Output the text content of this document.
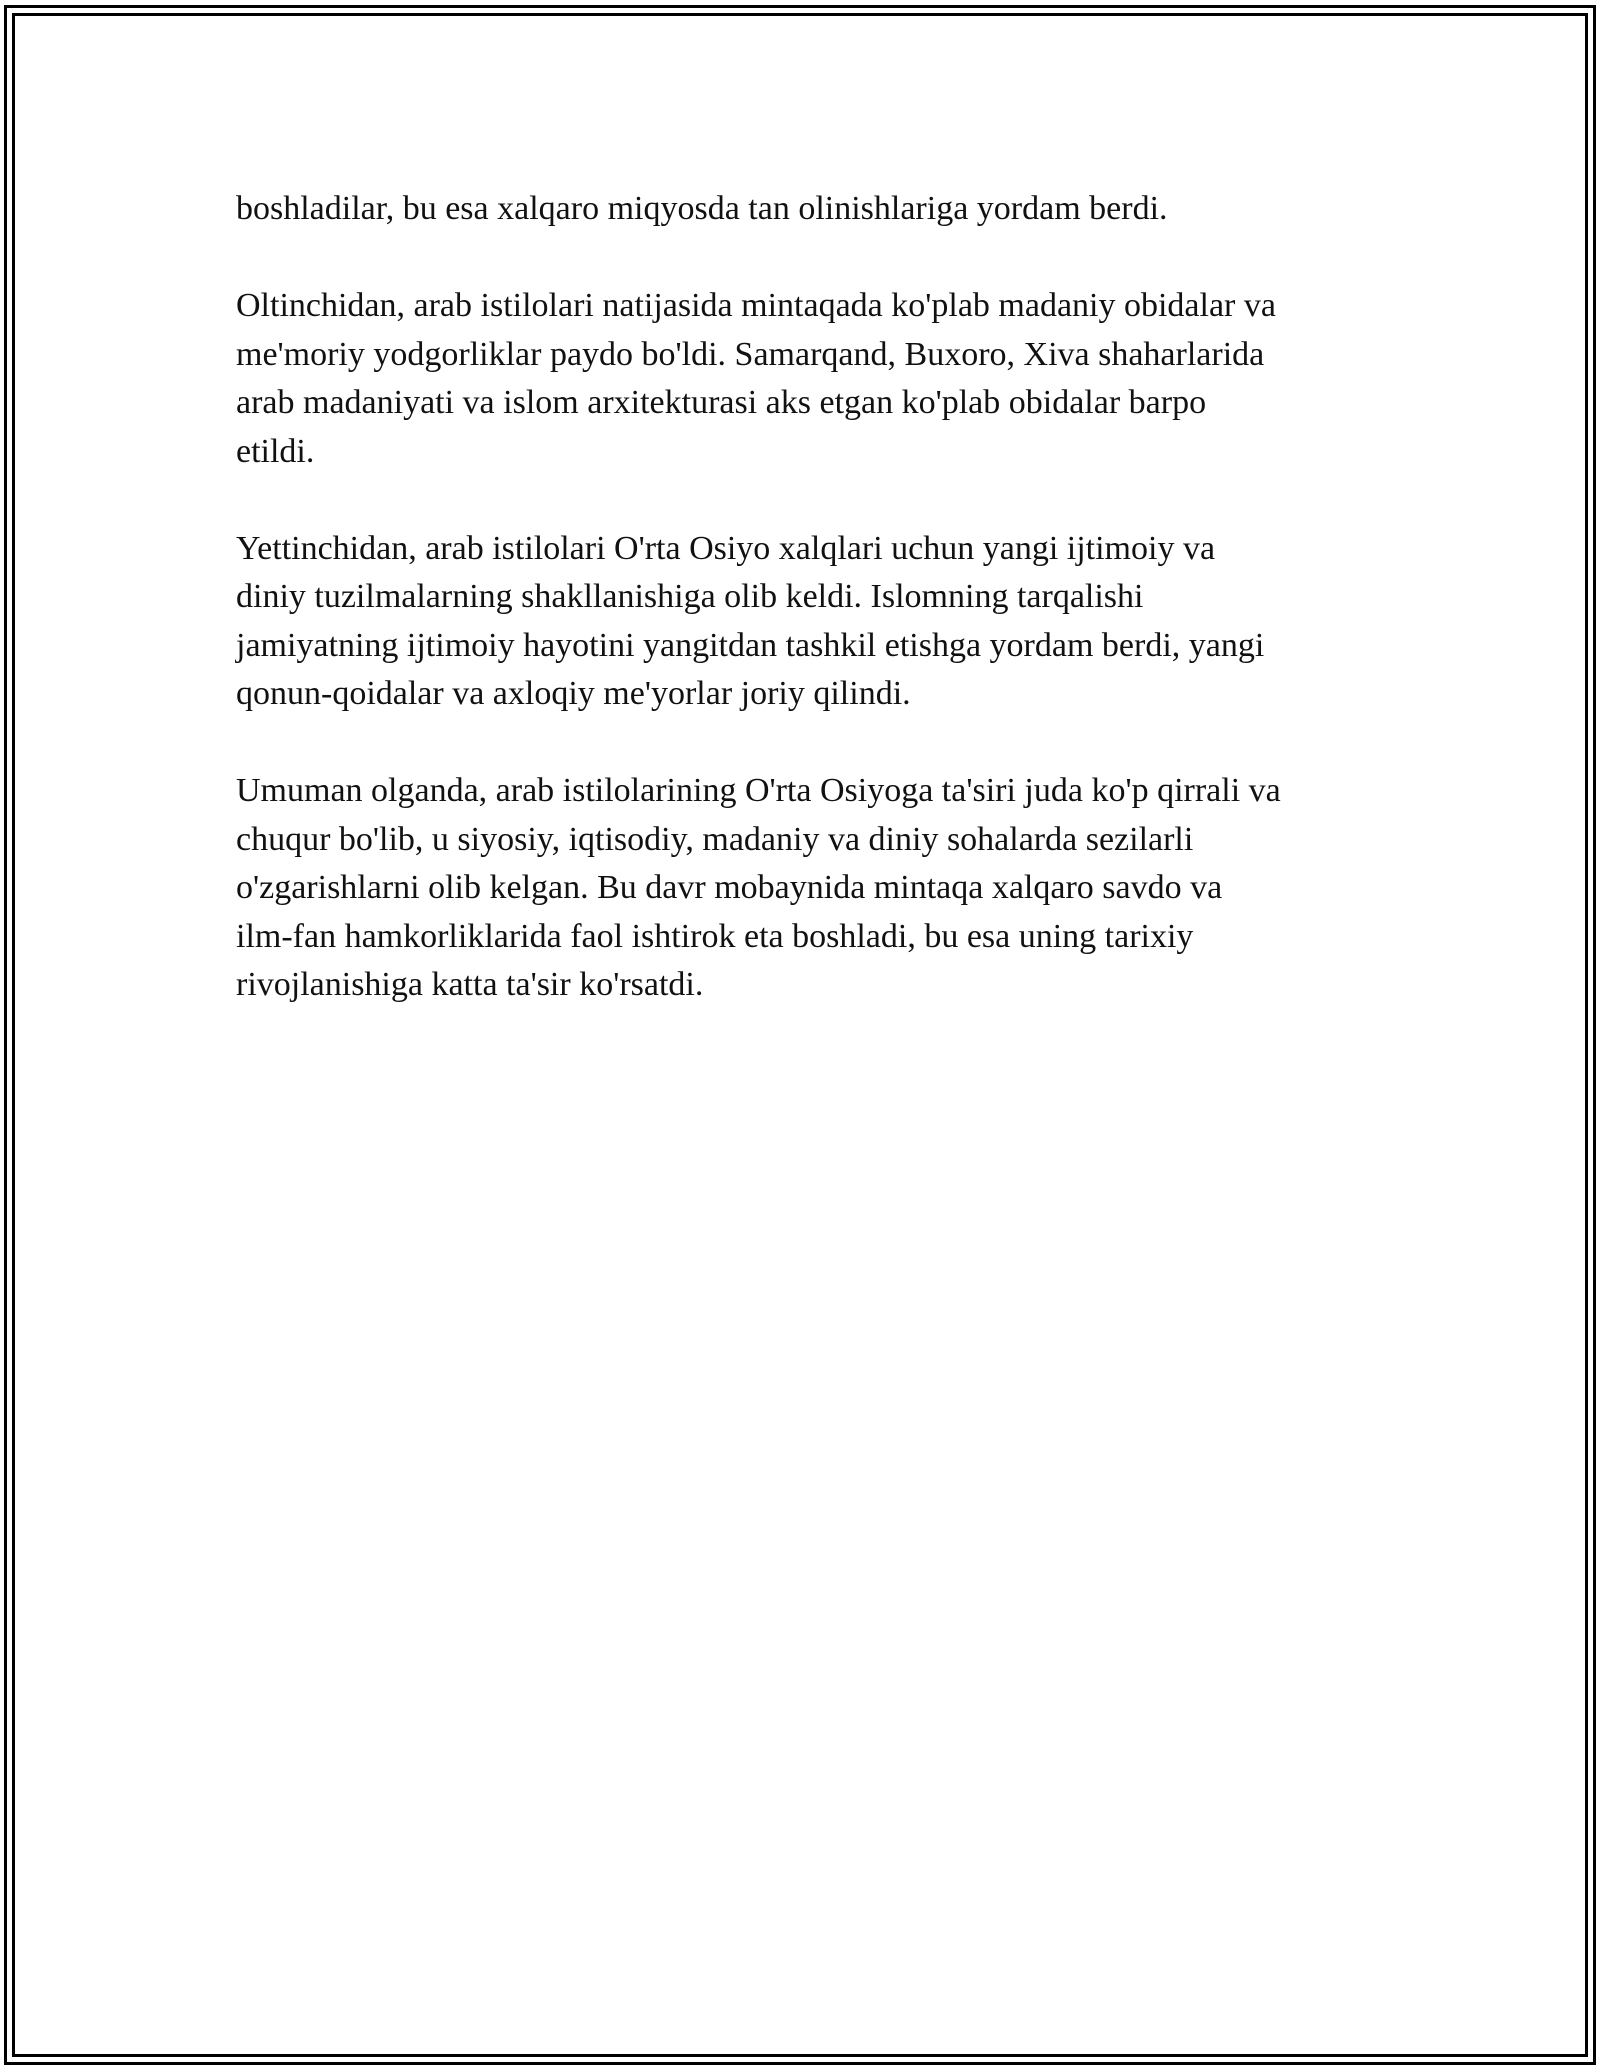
boshladilar, bu esa xalqaro miqyosda tan olinishlariga yordam berdi.

Oltinchidan, arab istilolari natijasida mintaqada ko'plab madaniy obidalar va
me'moriy yodgorliklar paydo bo'ldi. Samarqand, Buxoro, Xiva shaharlarida
arab madaniyati va islom arxitekturasi aks etgan ko'plab obidalar barpo
etildi.

Yettinchidan, arab istilolari O'rta Osiyo xalqlari uchun yangi ijtimoiy va
diniy tuzilmalarning shakllanishiga olib keldi. Islomning tarqalishi
jamiyatning ijtimoiy hayotini yangitdan tashkil etishga yordam berdi, yangi
qonun-qoidalar va axloqiy me'yorlar joriy qilindi.

Umuman olganda, arab istilolarining O'rta Osiyoga ta'siri juda ko'p qirrali va
chuqur bo'lib, u siyosiy, iqtisodiy, madaniy va diniy sohalarda sezilarli
o'zgarishlarni olib kelgan. Bu davr mobaynida mintaqa xalqaro savdo va
ilm-fan hamkorliklarida faol ishtirok eta boshladi, bu esa uning tarixiy
rivojlanishiga katta ta'sir ko'rsatdi.
